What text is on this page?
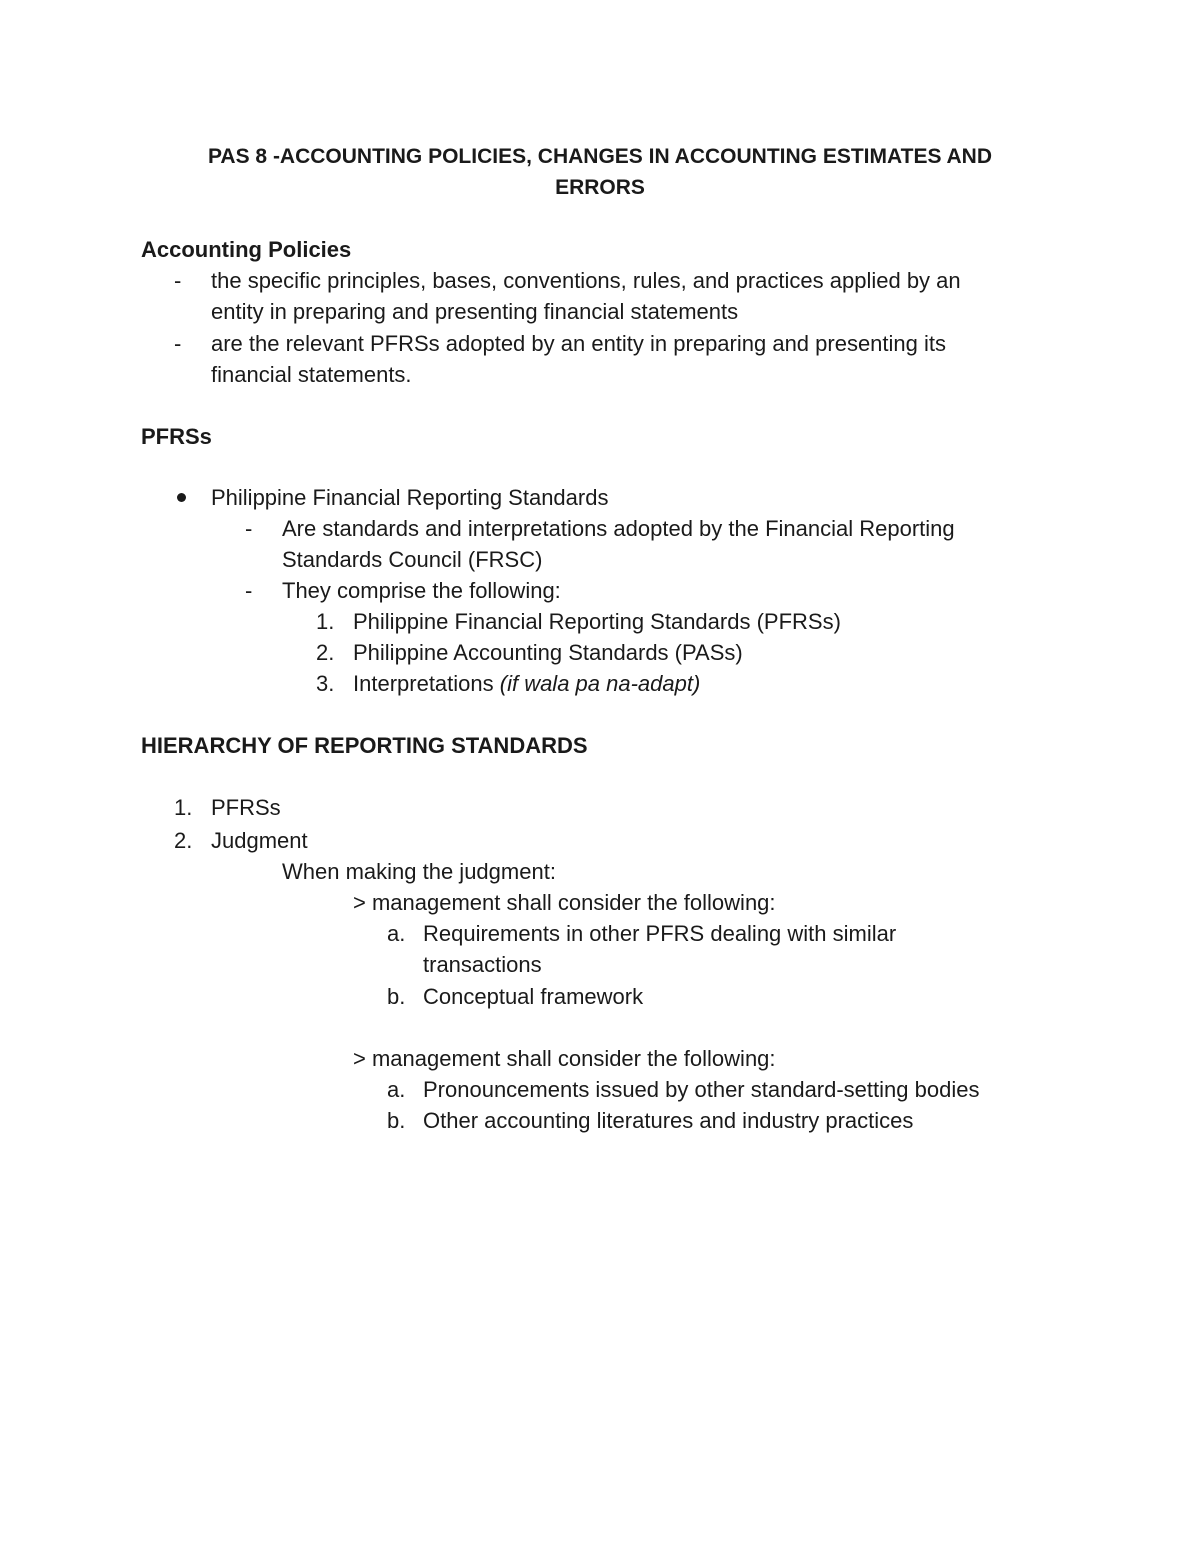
PAS 8 -ACCOUNTING POLICIES, CHANGES IN ACCOUNTING ESTIMATES AND

ERRORS

Accounting Policies

- the specific principles, bases, conventions, rules, and practices applied by an

entity in preparing and presenting financial statements

- are the relevant PFRSs adopted by an entity in preparing and presenting its

financial statements.

PFRSs

Philippine Financial Reporting Standards

- Are standards and interpretations adopted by the Financial Reporting

Standards Council (FRSC)

- They comprise the following:

1. Philippine Financial Reporting Standards (PFRSs)

2. Philippine Accounting Standards (PASs)

3. Interpretations (if wala pa na-adapt)

HIERARCHY OF REPORTING STANDARDS

1. PFRSs

2. Judgment

When making the judgment:

> management shall consider the following:

a. Requirements in other PFRS dealing with similar

transactions

b. Conceptual framework

> management shall consider the following:

a. Pronouncements issued by other standard-setting bodies

b. Other accounting literatures and industry practices
